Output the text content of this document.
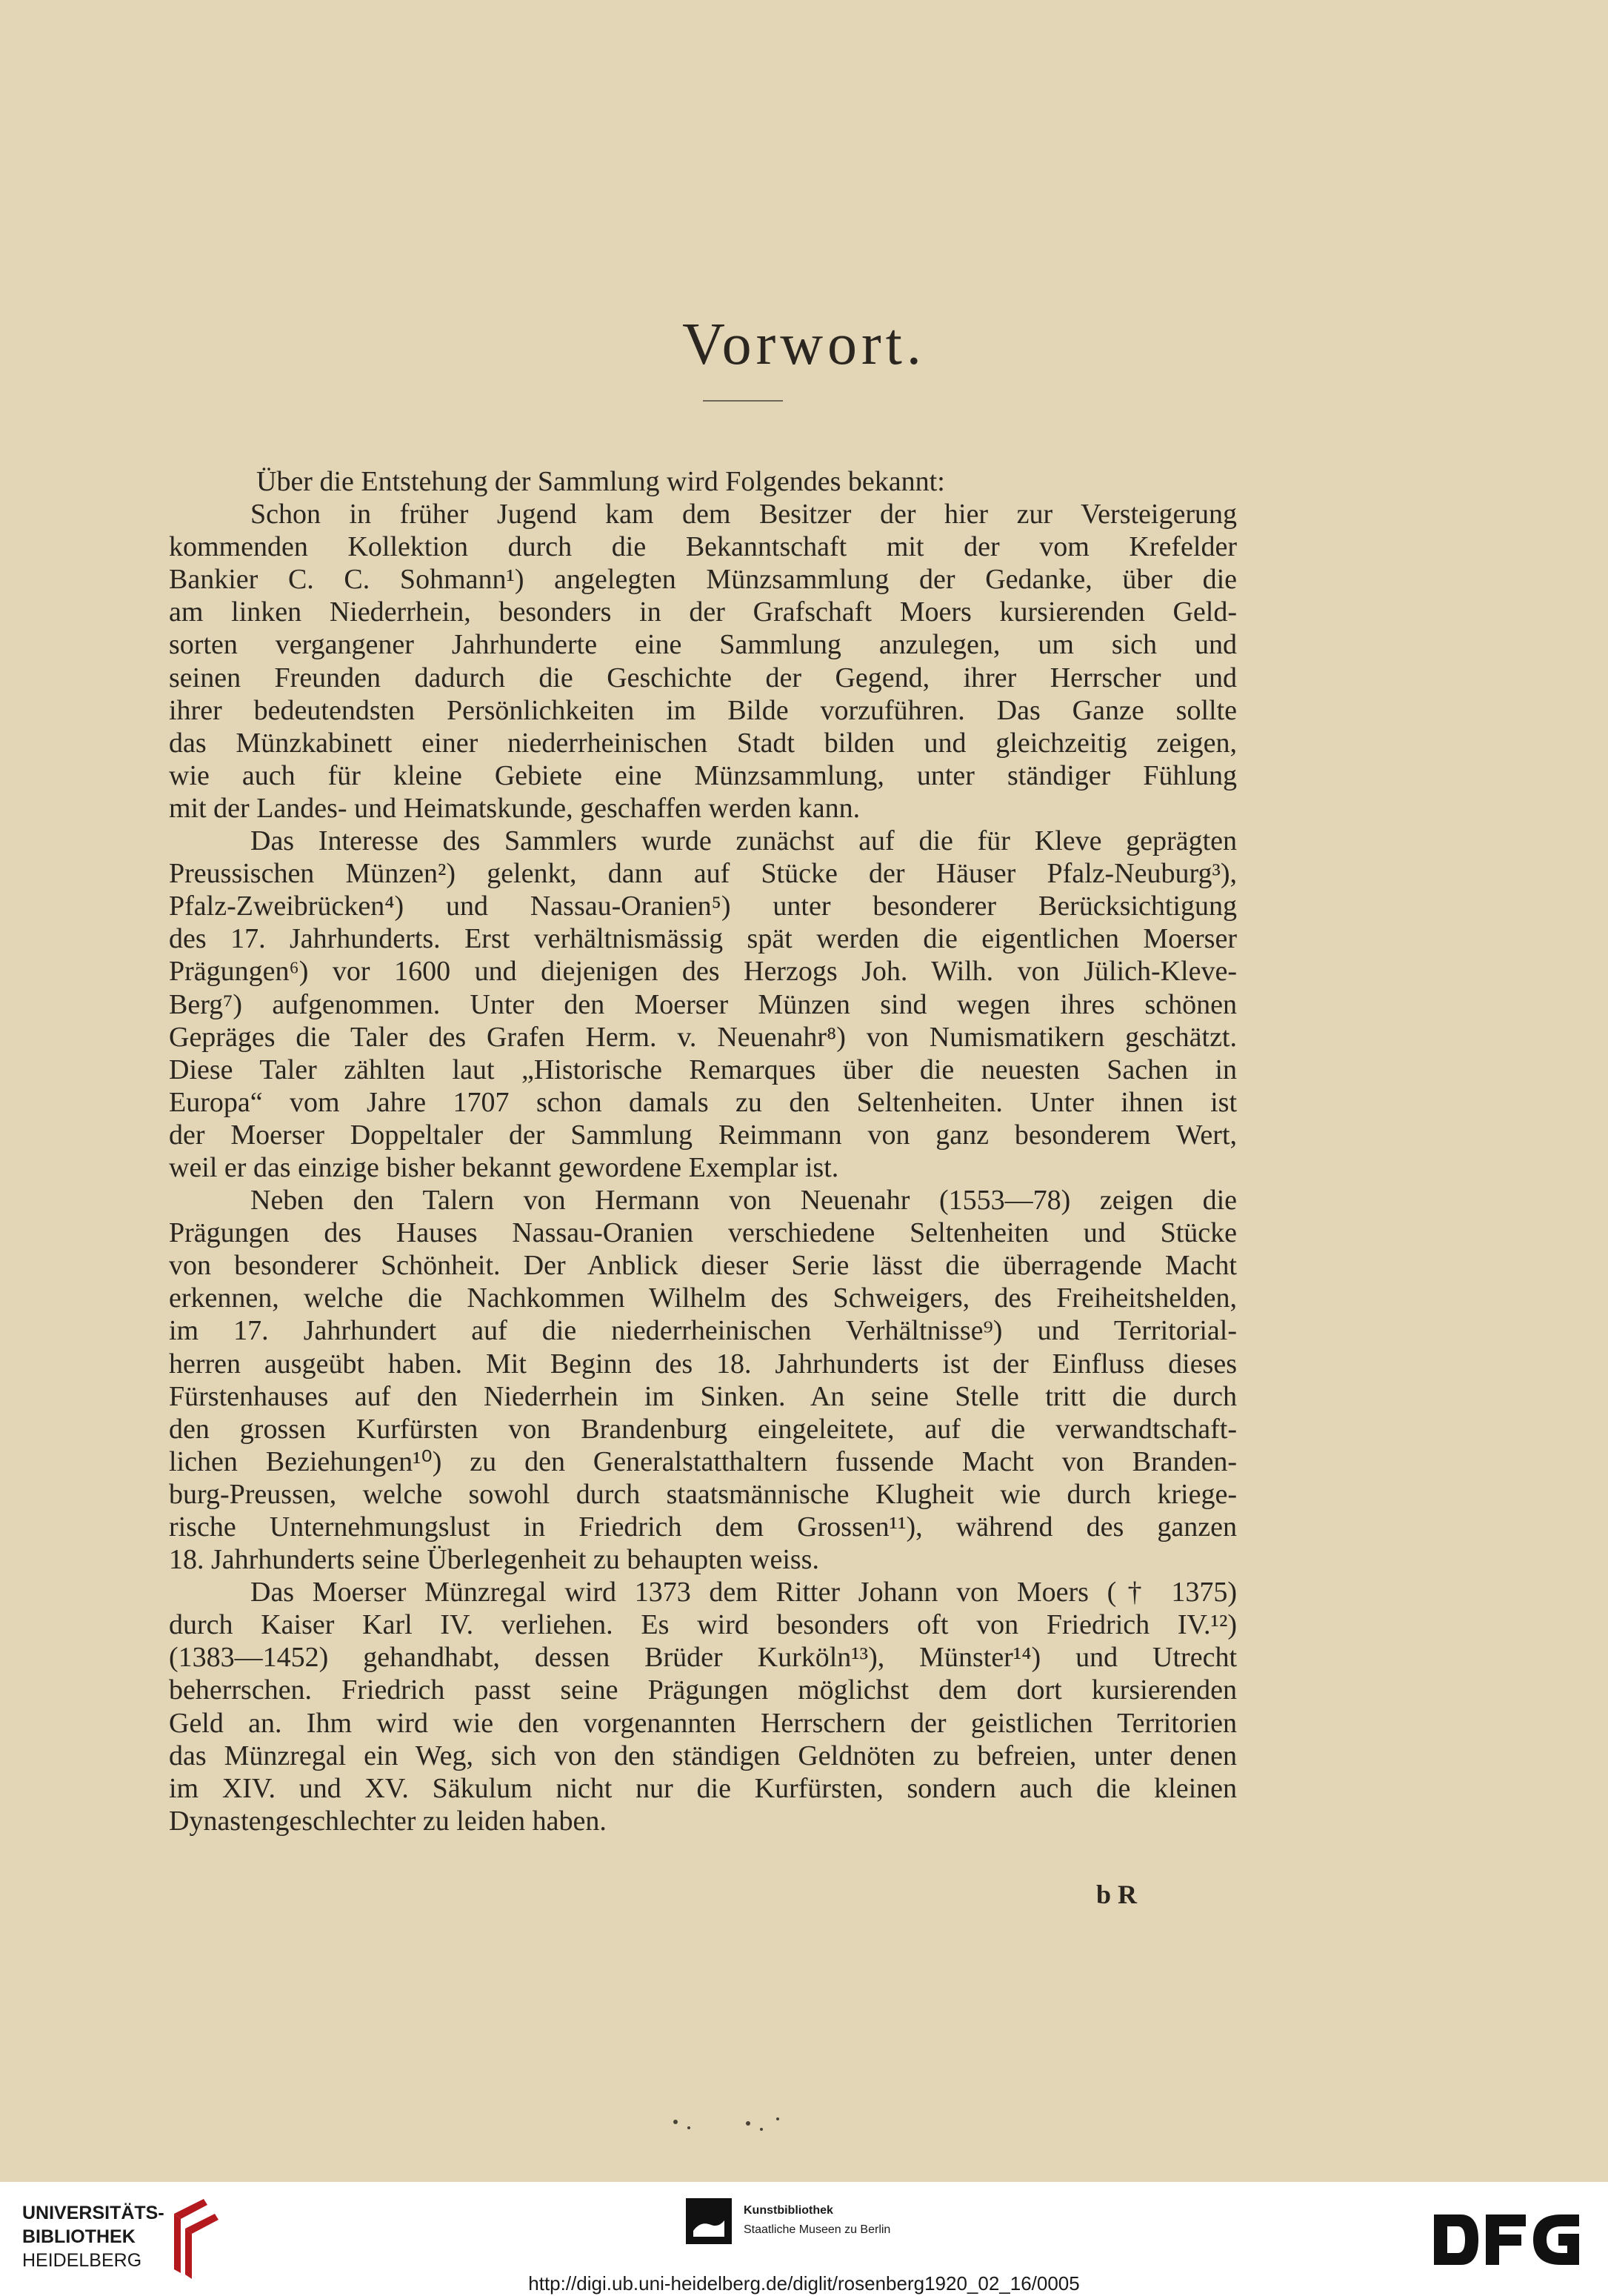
Vorwort.
Über die Entstehung der Sammlung wird Folgendes bekannt:
Schon in früher Jugend kam dem Besitzer der hier zur Versteigerung
kommenden Kollektion durch die Bekanntschaft mit der vom Krefelder
Bankier C. C. Sohmann¹) angelegten Münzsammlung der Gedanke, über die
am linken Niederrhein, besonders in der Grafschaft Moers kursierenden Geld-
sorten vergangener Jahrhunderte eine Sammlung anzulegen, um sich und
seinen Freunden dadurch die Geschichte der Gegend, ihrer Herrscher und
ihrer bedeutendsten Persönlichkeiten im Bilde vorzuführen. Das Ganze sollte
das Münzkabinett einer niederrheinischen Stadt bilden und gleichzeitig zeigen,
wie auch für kleine Gebiete eine Münzsammlung, unter ständiger Fühlung
mit der Landes- und Heimatskunde, geschaffen werden kann.
Das Interesse des Sammlers wurde zunächst auf die für Kleve geprägten
Preussischen Münzen²) gelenkt, dann auf Stücke der Häuser Pfalz-Neuburg³),
Pfalz-Zweibrücken⁴) und Nassau-Oranien⁵) unter besonderer Berücksichtigung
des 17. Jahrhunderts. Erst verhältnismässig spät werden die eigentlichen Moerser
Prägungen⁶) vor 1600 und diejenigen des Herzogs Joh. Wilh. von Jülich-Kleve-
Berg⁷) aufgenommen. Unter den Moerser Münzen sind wegen ihres schönen
Gepräges die Taler des Grafen Herm. v. Neuenahr⁸) von Numismatikern geschätzt.
Diese Taler zählten laut „Historische Remarques über die neuesten Sachen in
Europa“ vom Jahre 1707 schon damals zu den Seltenheiten. Unter ihnen ist
der Moerser Doppeltaler der Sammlung Reimmann von ganz besonderem Wert,
weil er das einzige bisher bekannt gewordene Exemplar ist.
Neben den Talern von Hermann von Neuenahr (1553—78) zeigen die
Prägungen des Hauses Nassau-Oranien verschiedene Seltenheiten und Stücke
von besonderer Schönheit. Der Anblick dieser Serie lässt die überragende Macht
erkennen, welche die Nachkommen Wilhelm des Schweigers, des Freiheitshelden,
im 17. Jahrhundert auf die niederrheinischen Verhältnisse⁹) und Territorial-
herren ausgeübt haben. Mit Beginn des 18. Jahrhunderts ist der Einfluss dieses
Fürstenhauses auf den Niederrhein im Sinken. An seine Stelle tritt die durch
den grossen Kurfürsten von Brandenburg eingeleitete, auf die verwandtschaft-
lichen Beziehungen¹⁰) zu den Generalstatthaltern fussende Macht von Branden-
burg-Preussen, welche sowohl durch staatsmännische Klugheit wie durch kriege-
rische Unternehmungslust in Friedrich dem Grossen¹¹), während des ganzen
18. Jahrhunderts seine Überlegenheit zu behaupten weiss.
Das Moerser Münzregal wird 1373 dem Ritter Johann von Moers († 1375)
durch Kaiser Karl IV. verliehen. Es wird besonders oft von Friedrich IV.¹²)
(1383—1452) gehandhabt, dessen Brüder Kurköln¹³), Münster¹⁴) und Utrecht
beherrschen. Friedrich passt seine Prägungen möglichst dem dort kursierenden
Geld an. Ihm wird wie den vorgenannten Herrschern der geistlichen Territorien
das Münzregal ein Weg, sich von den ständigen Geldnöten zu befreien, unter denen
im XIV. und XV. Säkulum nicht nur die Kurfürsten, sondern auch die kleinen
Dynastengeschlechter zu leiden haben.
b R
UNIVERSITÄTS-
BIBLIOTHEK
HEIDELBERG
Kunstbibliothek
Staatliche Museen zu Berlin
http://digi.ub.uni-heidelberg.de/diglit/rosenberg1920_02_16/0005
